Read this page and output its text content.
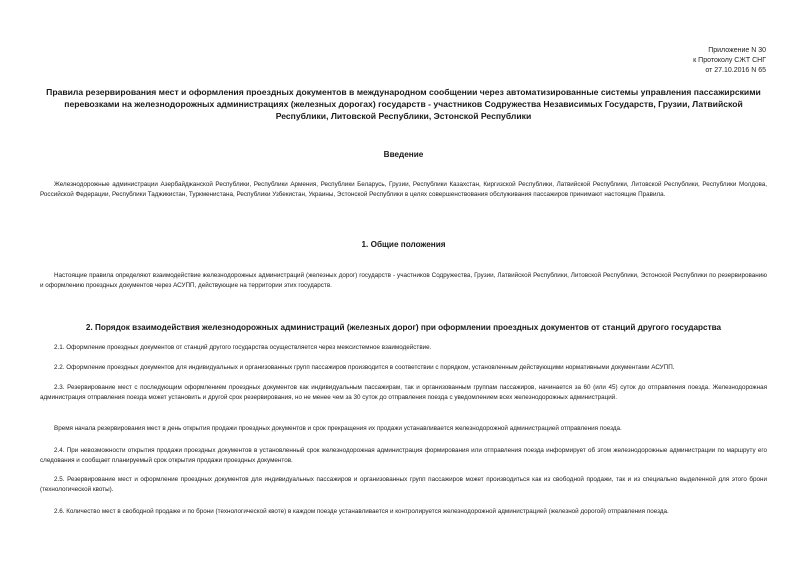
Приложение N 30
к Протоколу СЖТ СНГ
от 27.10.2016 N 65
Правила резервирования мест и оформления проездных документов в международном сообщении через автоматизированные системы управления пассажирскими перевозками на железнодорожных администрациях (железных дорогах) государств - участников Содружества Независимых Государств, Грузии, Латвийской Республики, Литовской Республики, Эстонской Республики
Введение
Железнодорожные администрации Азербайджанской Республики, Республики Армения, Республики Беларусь, Грузии, Республики Казахстан, Киргизской Республики, Латвийской Республики, Литовской Республики, Республики Молдова, Российской Федерации, Республики Таджикистан, Туркменистана, Республики Узбекистан, Украины, Эстонской Республики в целях совершенствования обслуживания пассажиров принимают настоящие Правила.
1. Общие положения
Настоящие правила определяют взаимодействие железнодорожных администраций (железных дорог) государств - участников Содружества, Грузии, Латвийской Республики, Литовской Республики, Эстонской Республики по резервированию и оформлению проездных документов через АСУПП, действующие на территории этих государств.
2. Порядок взаимодействия железнодорожных администраций (железных дорог) при оформлении проездных документов от станций другого государства
2.1. Оформление проездных документов от станций другого государства осуществляется через межсистемное взаимодействие.
2.2. Оформление проездных документов для индивидуальных и организованных групп пассажиров производится в соответствии с порядком, установленным действующими нормативными документами АСУПП.
2.3. Резервирование мест с последующим оформлением проездных документов как индивидуальным пассажирам, так и организованным группам пассажиров, начинается за 60 (или 45) суток до отправления поезда. Железнодорожная администрация отправления поезда может установить и другой срок резервирования, но не менее чем за 30 суток до отправления поезда с уведомлением всех железнодорожных администраций.
Время начала резервирования мест в день открытия продажи проездных документов и срок прекращения их продажи устанавливается железнодорожной администрацией отправления поезда.
2.4. При невозможности открытия продажи проездных документов в установленный срок железнодорожная администрация формирования или отправления поезда информирует об этом железнодорожные администрации по маршруту его следования и сообщает планируемый срок открытия продажи проездных документов.
2.5. Резервирование мест и оформление проездных документов для индивидуальных пассажиров и организованных групп пассажиров может производиться как из свободной продажи, так и из специально выделенной для этого брони (технологической квоты).
2.6. Количество мест в свободной продаже и по брони (технологической квоте) в каждом поезде устанавливается и контролируется железнодорожной администрацией (железной дорогой) отправления поезда.
